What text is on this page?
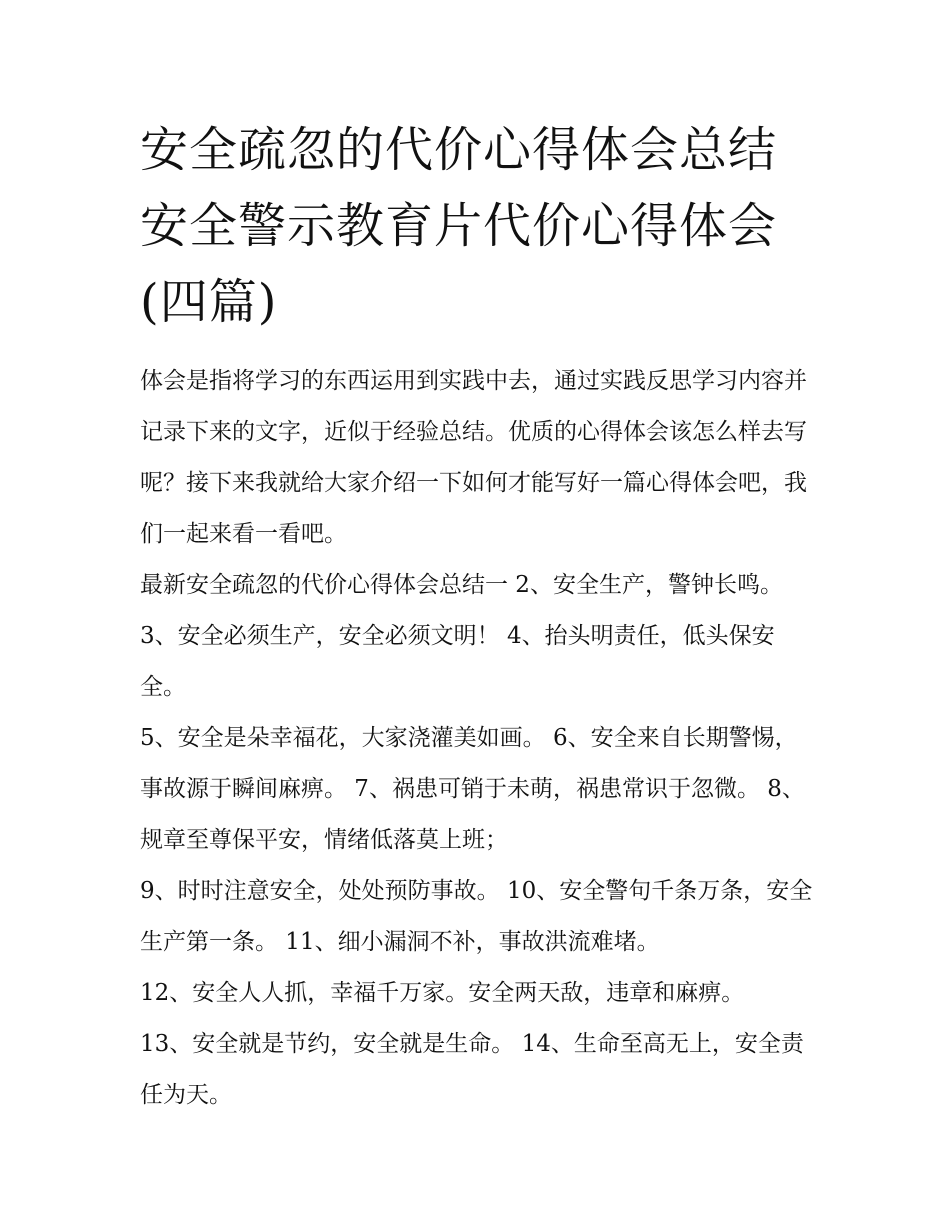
安全疏忽的代价心得体会总结
安全警示教育片代价心得体会
(四篇)

体会是指将学习的东西运用到实践中去，通过实践反思学习内容并记录下来的文字，近似于经验总结。优质的心得体会该怎么样去写呢？接下来我就给大家介绍一下如何才能写好一篇心得体会吧，我们一起来看一看吧。

最新安全疏忽的代价心得体会总结一 2、安全生产，警钟长鸣。 3、安全必须生产，安全必须文明！ 4、抬头明责任，低头保安全。

5、安全是朵幸福花，大家浇灌美如画。 6、安全来自长期警惕，事故源于瞬间麻痹。 7、祸患可销于未萌，祸患常识于忽微。 8、规章至尊保平安，情绪低落莫上班；

9、时时注意安全，处处预防事故。 10、安全警句千条万条，安全生产第一条。 11、细小漏洞不补，事故洪流难堵。

12、安全人人抓，幸福千万家。安全两天敌，违章和麻痹。

13、安全就是节约，安全就是生命。 14、生命至高无上，安全责任为天。
